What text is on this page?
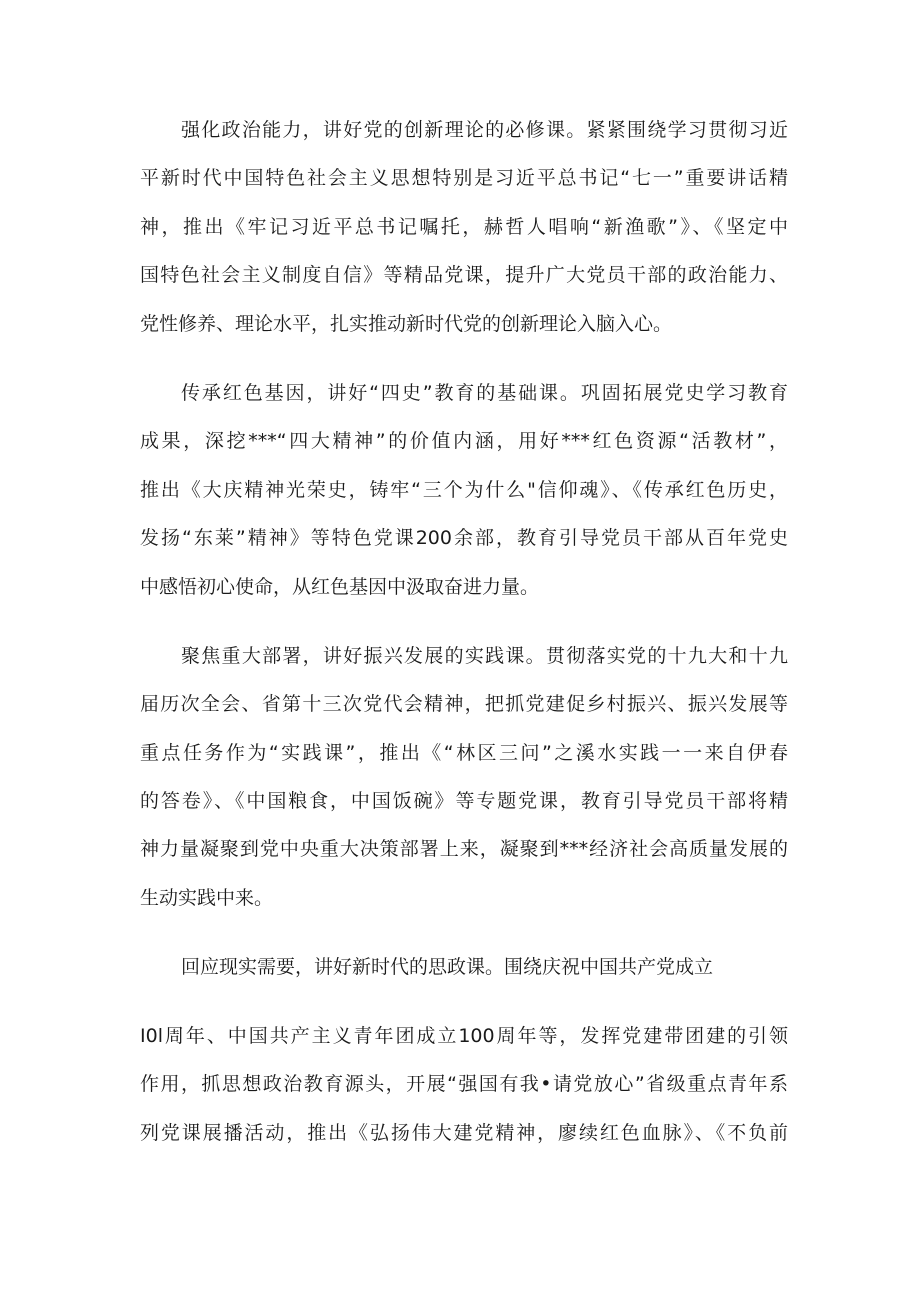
强化政治能力，讲好党的创新理论的必修课。紧紧围绕学习贯彻习近
平新时代中国特色社会主义思想特别是习近平总书记“七一”重要讲话精
神，推出《牢记习近平总书记嘱托，赫哲人唱响“新渔歌”》、《坚定中
国特色社会主义制度自信》等精品党课，提升广大党员干部的政治能力、
党性修养、理论水平，扎实推动新时代党的创新理论入脑入心。
传承红色基因，讲好“四史”教育的基础课。巩固拓展党史学习教育
成果，深挖***“四大精神”的价值内涵，用好***红色资源“活教材”，
推出《大庆精神光荣史，铸牢“三个为什么"信仰魂》、《传承红色历史，
发扬“东莱”精神》等特色党课200余部，教育引导党员干部从百年党史
中感悟初心使命，从红色基因中汲取奋进力量。
聚焦重大部署，讲好振兴发展的实践课。贯彻落实党的十九大和十九
届历次全会、省第十三次党代会精神，把抓党建促乡村振兴、振兴发展等
重点任务作为“实践课”，推出《“林区三问”之溪水实践一一来自伊春
的答卷》、《中国粮食，中国饭碗》等专题党课，教育引导党员干部将精
神力量凝聚到党中央重大决策部署上来，凝聚到***经济社会高质量发展的
生动实践中来。
回应现实需要，讲好新时代的思政课。围绕庆祝中国共产党成立
I0l周年、中国共产主义青年团成立100周年等，发挥党建带团建的引领
作用，抓思想政治教育源头，开展“强国有我•请党放心”省级重点青年系
列党课展播活动，推出《弘扬伟大建党精神，廖续红色血脉》、《不负前
